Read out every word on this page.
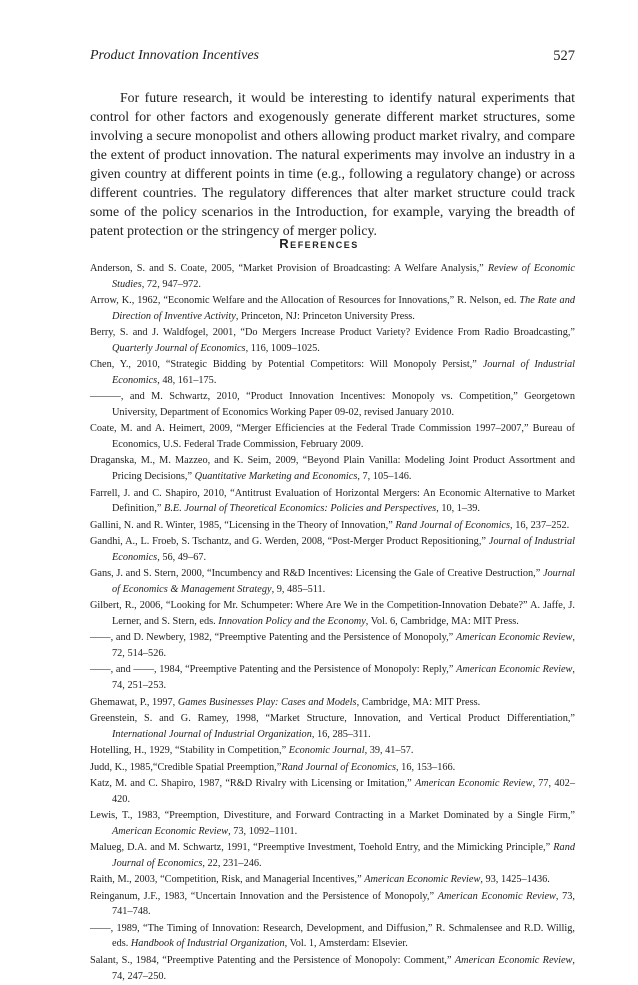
Product Innovation Incentives	527

For future research, it would be interesting to identify natural experiments that control for other factors and exogenously generate different market structures, some involving a secure monopolist and others allowing product market rivalry, and compare the extent of product innovation. The natural experiments may involve an industry in a given country at different points in time (e.g., following a regulatory change) or across different countries. The regulatory differences that alter market structure could track some of the policy scenarios in the Introduction, for example, varying the breadth of patent protection or the stringency of merger policy.

References
Anderson, S. and S. Coate, 2005, “Market Provision of Broadcasting: A Welfare Analysis,” Review of Economic Studies, 72, 947–972.
Arrow, K., 1962, “Economic Welfare and the Allocation of Resources for Innovations,” R. Nelson, ed. The Rate and Direction of Inventive Activity, Princeton, NJ: Princeton University Press.
Berry, S. and J. Waldfogel, 2001, “Do Mergers Increase Product Variety? Evidence From Radio Broadcasting,” Quarterly Journal of Economics, 116, 1009–1025.
Chen, Y., 2010, “Strategic Bidding by Potential Competitors: Will Monopoly Persist,” Journal of Industrial Economics, 48, 161–175.
———, and M. Schwartz, 2010, “Product Innovation Incentives: Monopoly vs. Competition,” Georgetown University, Department of Economics Working Paper 09-02, revised January 2010.
Coate, M. and A. Heimert, 2009, “Merger Efficiencies at the Federal Trade Commission 1997–2007,” Bureau of Economics, U.S. Federal Trade Commission, February 2009.
Draganska, M., M. Mazzeo, and K. Seim, 2009, “Beyond Plain Vanilla: Modeling Joint Product Assortment and Pricing Decisions,” Quantitative Marketing and Economics, 7, 105–146.
Farrell, J. and C. Shapiro, 2010, “Antitrust Evaluation of Horizontal Mergers: An Economic Alternative to Market Definition,” B.E. Journal of Theoretical Economics: Policies and Perspectives, 10, 1–39.
Gallini, N. and R. Winter, 1985, “Licensing in the Theory of Innovation,” Rand Journal of Economics, 16, 237–252.
Gandhi, A., L. Froeb, S. Tschantz, and G. Werden, 2008, “Post-Merger Product Repositioning,” Journal of Industrial Economics, 56, 49–67.
Gans, J. and S. Stern, 2000, “Incumbency and R&D Incentives: Licensing the Gale of Creative Destruction,” Journal of Economics & Management Strategy, 9, 485–511.
Gilbert, R., 2006, “Looking for Mr. Schumpeter: Where Are We in the Competition-Innovation Debate?” A. Jaffe, J. Lerner, and S. Stern, eds. Innovation Policy and the Economy, Vol. 6, Cambridge, MA: MIT Press.
——, and D. Newbery, 1982, “Preemptive Patenting and the Persistence of Monopoly,” American Economic Review, 72, 514–526.
——, and ——, 1984, “Preemptive Patenting and the Persistence of Monopoly: Reply,” American Economic Review, 74, 251–253.
Ghemawat, P., 1997, Games Businesses Play: Cases and Models, Cambridge, MA: MIT Press.
Greenstein, S. and G. Ramey, 1998, “Market Structure, Innovation, and Vertical Product Differentiation,” International Journal of Industrial Organization, 16, 285–311.
Hotelling, H., 1929, “Stability in Competition,” Economic Journal, 39, 41–57.
Judd, K., 1985,“Credible Spatial Preemption,”Rand Journal of Economics, 16, 153–166.
Katz, M. and C. Shapiro, 1987, “R&D Rivalry with Licensing or Imitation,” American Economic Review, 77, 402–420.
Lewis, T., 1983, “Preemption, Divestiture, and Forward Contracting in a Market Dominated by a Single Firm,” American Economic Review, 73, 1092–1101.
Malueg, D.A. and M. Schwartz, 1991, “Preemptive Investment, Toehold Entry, and the Mimicking Principle,” Rand Journal of Economics, 22, 231–246.
Raith, M., 2003, “Competition, Risk, and Managerial Incentives,” American Economic Review, 93, 1425–1436.
Reinganum, J.F., 1983, “Uncertain Innovation and the Persistence of Monopoly,” American Economic Review, 73, 741–748.
——, 1989, “The Timing of Innovation: Research, Development, and Diffusion,” R. Schmalensee and R.D. Willig, eds. Handbook of Industrial Organization, Vol. 1, Amsterdam: Elsevier.
Salant, S., 1984, “Preemptive Patenting and the Persistence of Monopoly: Comment,” American Economic Review, 74, 247–250.
